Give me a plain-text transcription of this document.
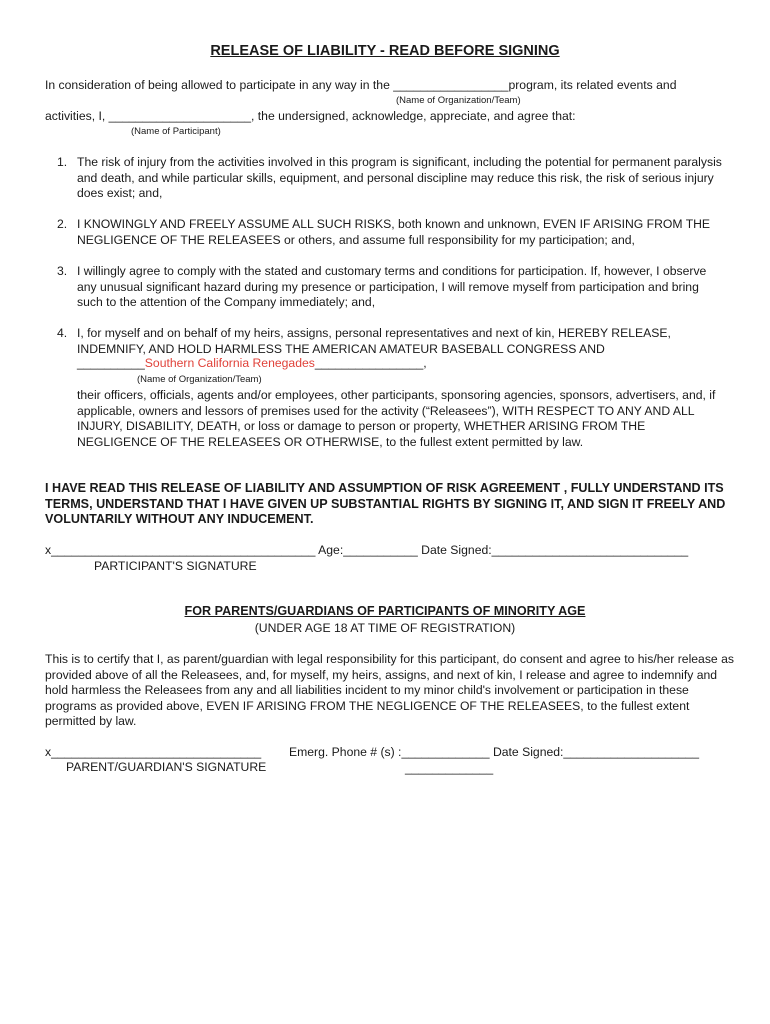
RELEASE OF LIABILITY - READ BEFORE SIGNING
In consideration of being allowed to participate in any way in the _________________program, its related events and
(Name of Organization/Team)
activities, I, _____________________, the undersigned, acknowledge, appreciate, and agree that:
(Name of Participant)
1. The risk of injury from the activities involved in this program is significant, including the potential for permanent paralysis and death, and while particular skills, equipment, and personal discipline may reduce this risk, the risk of serious injury does exist; and,
2. I KNOWINGLY AND FREELY ASSUME ALL SUCH RISKS, both known and unknown, EVEN IF ARISING FROM THE NEGLIGENCE OF THE RELEASEES or others, and assume full responsibility for my participation; and,
3. I willingly agree to comply with the stated and customary terms and conditions for participation. If, however, I observe any unusual significant hazard during my presence or participation, I will remove myself from participation and bring such to the attention of the Company immediately; and,
4. I, for myself and on behalf of my heirs, assigns, personal representatives and next of kin, HEREBY RELEASE, INDEMNIFY, AND HOLD HARMLESS THE AMERICAN AMATEUR BASEBALL CONGRESS AND
__________Southern California Renegades________________,
(Name of Organization/Team)
their officers, officials, agents and/or employees, other participants, sponsoring agencies, sponsors, advertisers, and, if applicable, owners and lessors of premises used for the activity (“Releasees”), WITH RESPECT TO ANY AND ALL INJURY, DISABILITY, DEATH, or loss or damage to person or property, WHETHER ARISING FROM THE NEGLIGENCE OF THE RELEASEES OR OTHERWISE, to the fullest extent permitted by law.
I HAVE READ THIS RELEASE OF LIABILITY AND ASSUMPTION OF RISK AGREEMENT , FULLY UNDERSTAND ITS TERMS, UNDERSTAND THAT I HAVE GIVEN UP SUBSTANTIAL RIGHTS BY SIGNING IT, AND SIGN IT FREELY AND VOLUNTARILY WITHOUT ANY INDUCEMENT.
x_______________________________________ Age:___________ Date Signed:_____________________________
PARTICIPANT'S SIGNATURE
FOR PARENTS/GUARDIANS OF PARTICIPANTS OF MINORITY AGE
(UNDER AGE 18 AT TIME OF REGISTRATION)
This is to certify that I, as parent/guardian with legal responsibility for this participant, do consent and agree to his/her release as provided above of all the Releasees, and, for myself, my heirs, assigns, and next of kin, I release and agree to indemnify and hold harmless the Releasees from any and all liabilities incident to my minor child's involvement or participation in these programs as provided above, EVEN IF ARISING FROM THE NEGLIGENCE OF THE RELEASEES, to the fullest extent permitted by law.
x_______________________________ Emerg. Phone # (s) :_____________ Date Signed:____________________
_____________
PARENT/GUARDIAN'S SIGNATURE
